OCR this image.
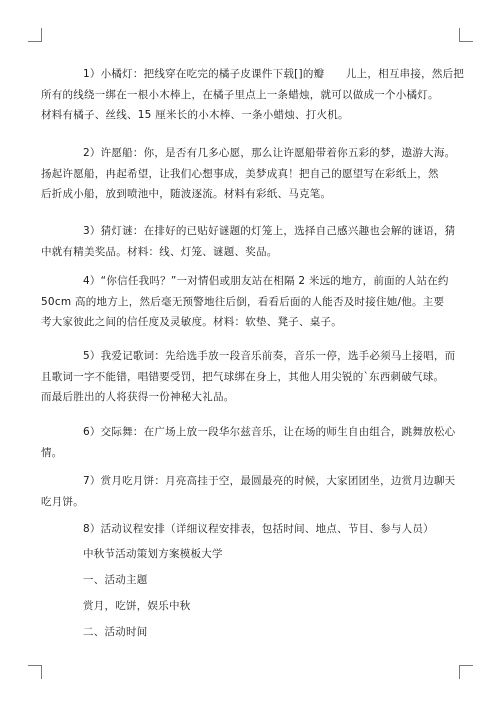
1）小橘灯：把线穿在吃完的橘子皮课件下载[]的瓣　　儿上，相互串接，然后把
所有的线绕一绑在一根小木棒上，在橘子里点上一条蜡烛，就可以做成一个小橘灯。
材料有橘子、丝线、15 厘米长的小木棒、一条小蜡烛、打火机。
2）许愿船：你，是否有几多心愿，那么让许愿船带着你五彩的梦，遨游大海。
扬起许愿船，冉起希望，让我们心想事成，美梦成真！把自己的愿望写在彩纸上，然
后折成小船，放到喷池中，随波逐流。材料有彩纸、马克笔。
3）猜灯谜：在排好的已贴好谜题的灯笼上，选择自己感兴趣也会解的谜语，猜
中就有精美奖品。材料：线、灯笼、谜题、奖品。
4）“你信任我吗？”一对情侣或朋友站在相隔 2 米远的地方，前面的人站在约
50cm 高的地方上，然后毫无预警地往后倒，看看后面的人能否及时接住她/他。主要
考大家彼此之间的信任度及灵敏度。材料：软垫、凳子、桌子。
5）我爱记歌词：先给选手放一段音乐前奏，音乐一停，选手必须马上接唱，而
且歌词一字不能错，唱错要受罚，把气球绑在身上，其他人用尖锐的`东西刺破气球。
而最后胜出的人将获得一份神秘大礼品。
6）交际舞：在广场上放一段华尔兹音乐，让在场的师生自由组合，跳舞放松心
情。
7）赏月吃月饼：月亮高挂于空，最圆最亮的时候，大家团团坐，边赏月边聊天
吃月饼。
8）活动议程安排（详细议程安排表，包括时间、地点、节目、参与人员）
中秋节活动策划方案模板大学
一、活动主题
赏月，吃饼，娱乐中秋
二、活动时间
